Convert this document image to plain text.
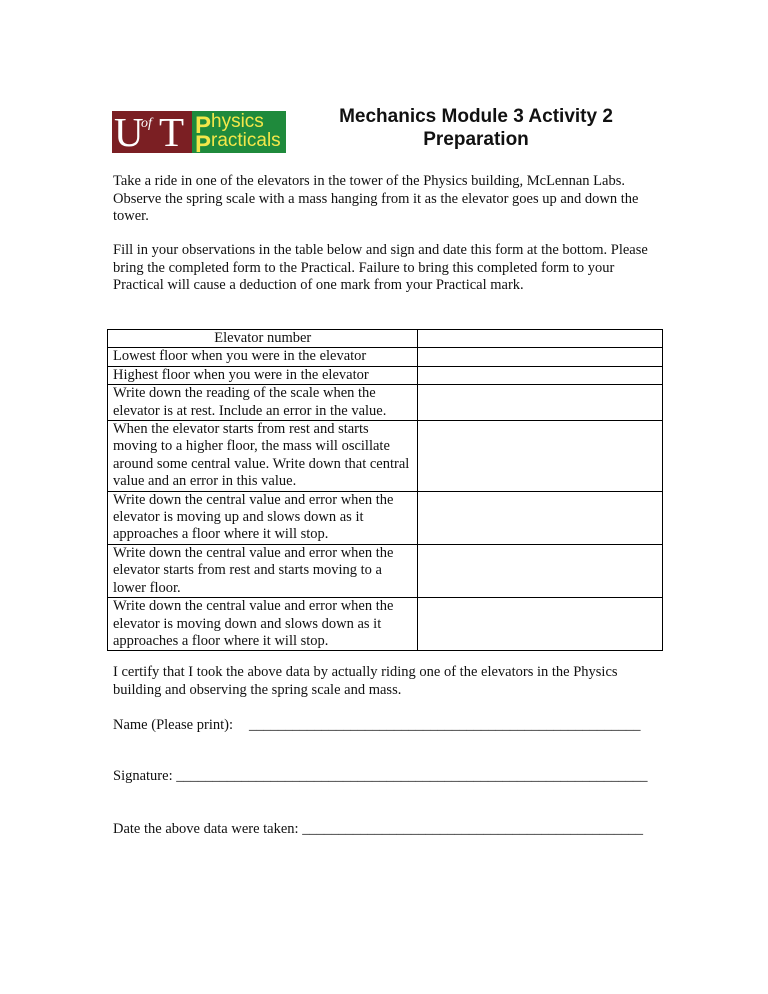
U
of T P hysics
P racticals
Mechanics Module 3 Activity 2
Preparation

Take a ride in one of the elevators in the tower of the Physics building, McLennan Labs. Observe the spring scale with a mass hanging from it as the elevator goes up and down the tower.

Fill in your observations in the table below and sign and date this form at the bottom. Please bring the completed form to the Practical. Failure to bring this completed form to your Practical will cause a deduction of one mark from your Practical mark.

Elevator number	
Lowest floor when you were in the elevator	
Highest floor when you were in the elevator	
Write down the reading of the scale when the elevator is at rest. Include an error in the value.	
When the elevator starts from rest and starts moving to a higher floor, the mass will oscillate around some central value. Write down that central value and an error in this value.	
Write down the central value and error when the elevator is moving up and slows down as it approaches a floor where it will stop.	
Write down the central value and error when the elevator starts from rest and starts moving to a lower floor.	
Write down the central value and error when the elevator is moving down and slows down as it approaches a floor where it will stop.	

I certify that I took the above data by actually riding one of the elevators in the Physics building and observing the spring scale and mass.

Name (Please print): ______________________________________________________
Signature: _________________________________________________________________
Date the above data were taken: _______________________________________________
